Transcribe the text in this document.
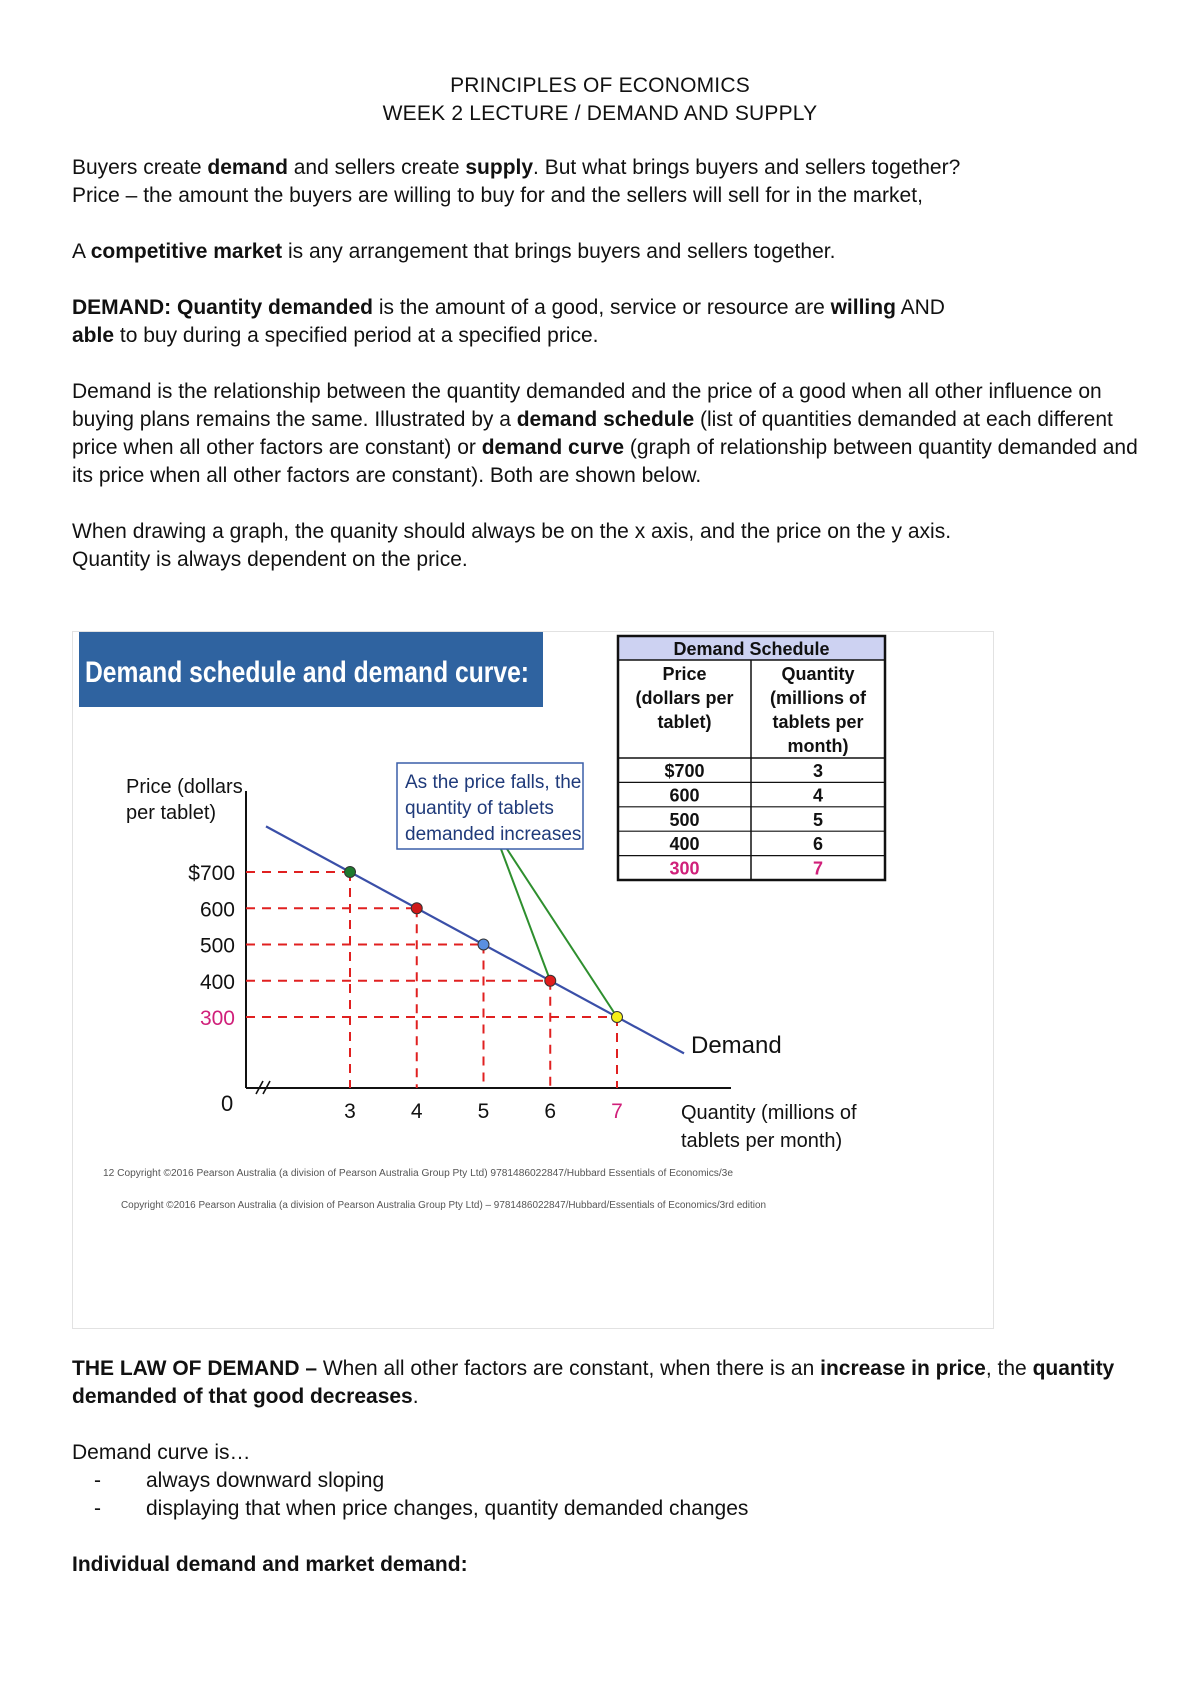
PRINCIPLES OF ECONOMICS
WEEK 2 LECTURE / DEMAND AND SUPPLY

Buyers create demand and sellers create supply. But what brings buyers and sellers together?

Price – the amount the buyers are willing to buy for and the sellers will sell for in the market,

A competitive market is any arrangement that brings buyers and sellers together.

DEMAND: Quantity demanded is the amount of a good, service or resource are willing AND
able to buy during a specified period at a specified price.

Demand is the relationship between the quantity demanded and the price of a good when all other influence on buying plans remains the same. Illustrated by a demand schedule (list of quantities demanded at each different price when all other factors are constant) or demand curve (graph of relationship between quantity demanded and its price when all other factors are constant). Both are shown below.

When drawing a graph, the quanity should always be on the x axis, and the price on the y axis.

Quantity is always dependent on the price.

Demand schedule and demand curve:
Price (dollars
per tablet)
Quantity (millions of
tablets per month)
0
Demand
3
$700
4
600
5
500
6
400
7
300
As the price falls, the
quantity of tablets
demanded increases
Demand Schedule
Price
(dollars per
tablet)
Quantity
(millions of
tablets per
month)
$700	3
600	4
500	5
400	6
300	7
12 Copyright ©2016 Pearson Australia (a division of Pearson Australia Group Pty Ltd) 9781486022847/Hubbard Essentials of Economics/3e
Copyright ©2016 Pearson Australia (a division of Pearson Australia Group Pty Ltd) – 9781486022847/Hubbard/Essentials of Economics/3rd edition

THE LAW OF DEMAND – When all other factors are constant, when there is an increase in price, the quantity demanded of that good decreases.

Demand curve is…

- always downward sloping
- displaying that when price changes, quantity demanded changes

Individual demand and market demand:
